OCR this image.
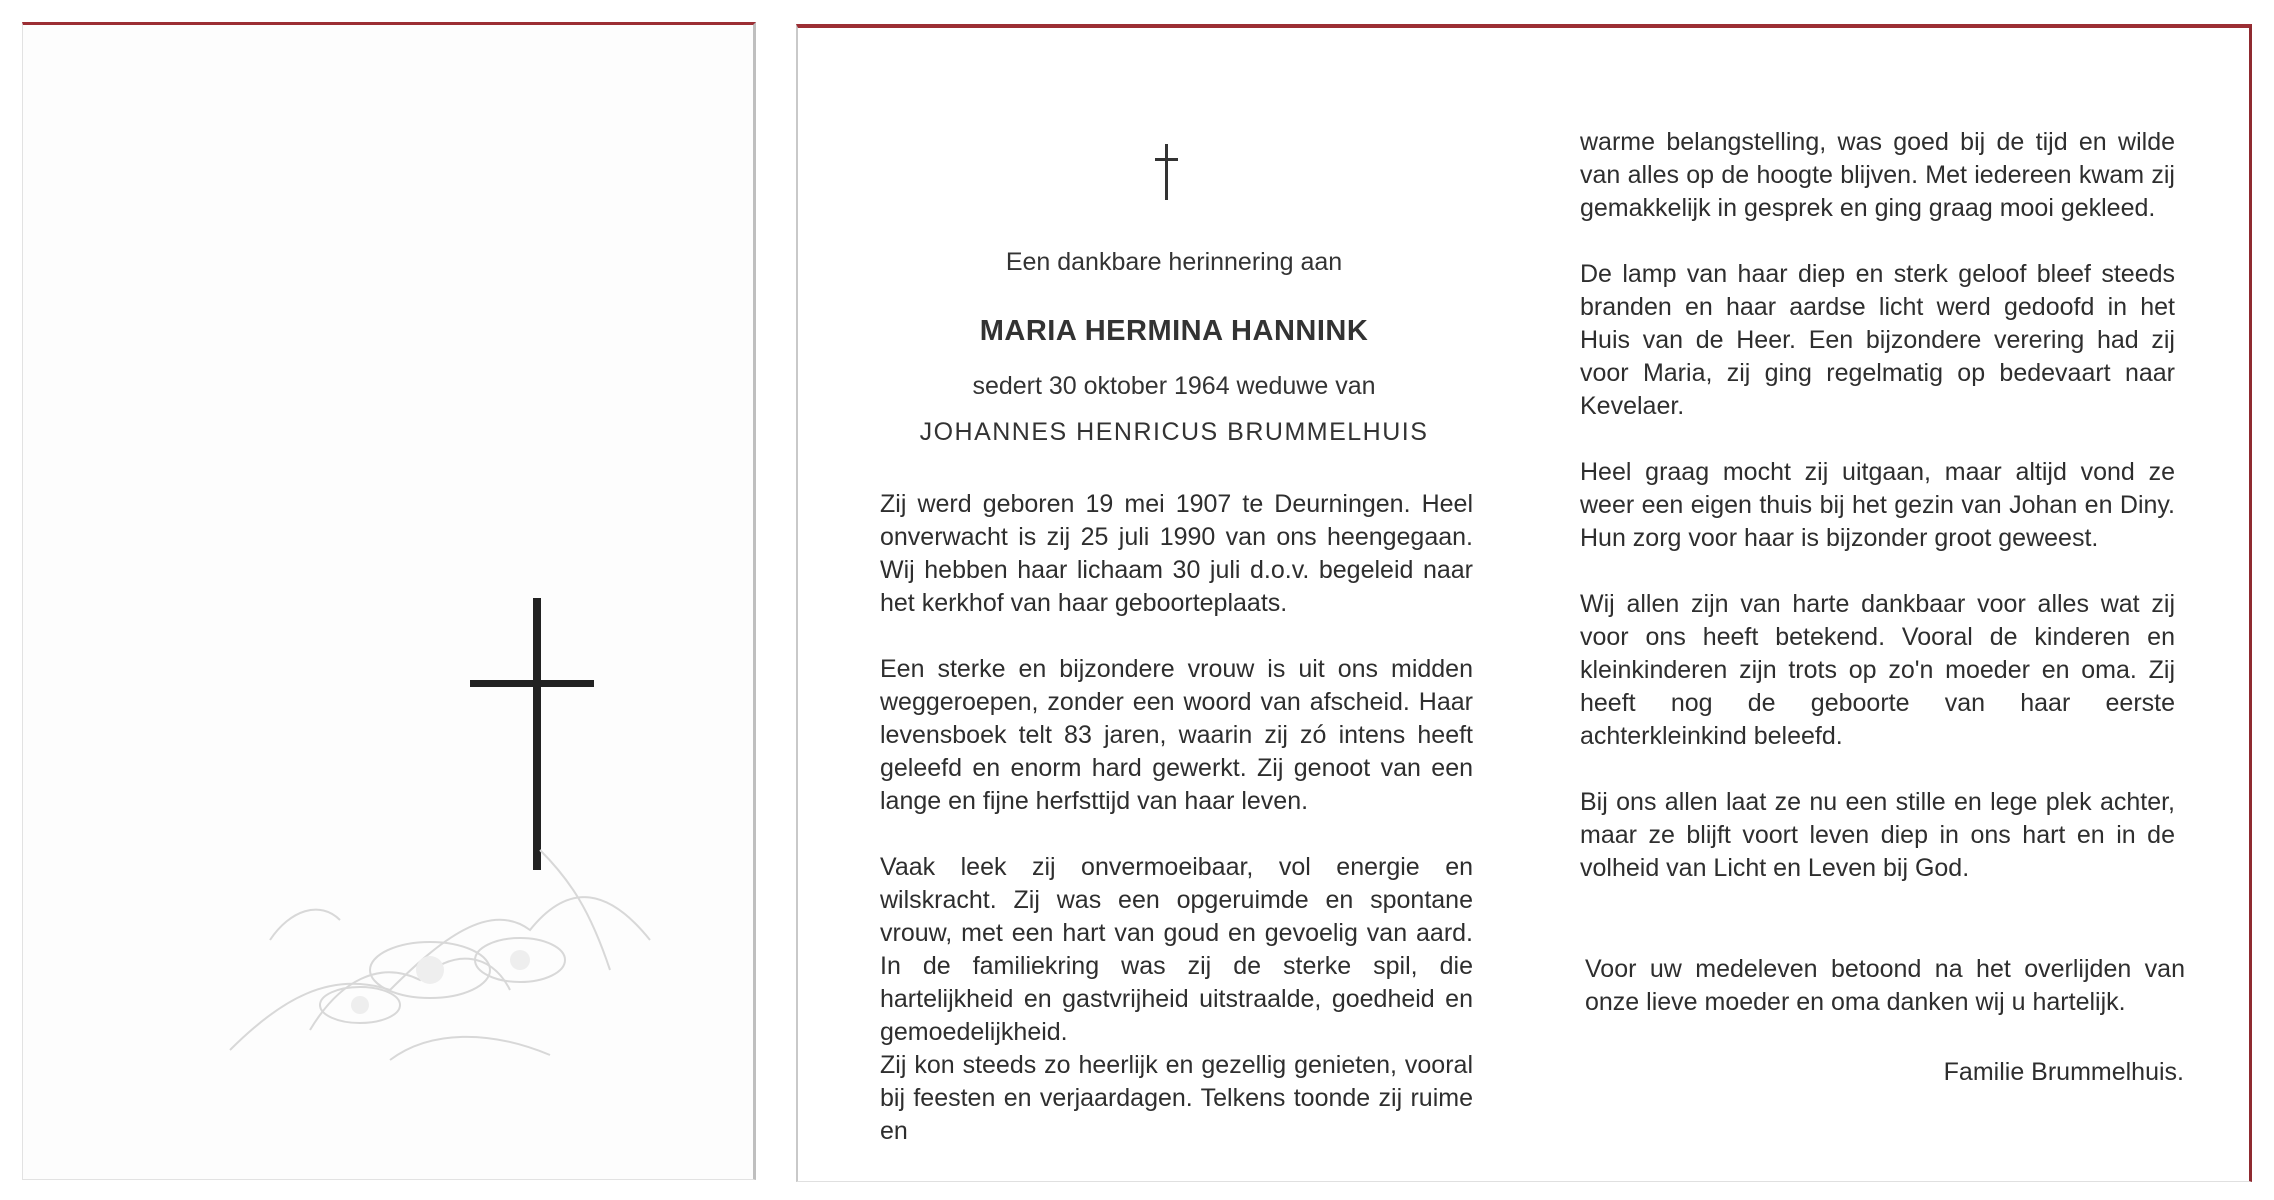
Een dankbare herinnering aan
MARIA HERMINA HANNINK
sedert 30 oktober 1964 weduwe van
JOHANNES HENRICUS BRUMMELHUIS

Zij werd geboren 19 mei 1907 te Deurningen. Heel onverwacht is zij 25 juli 1990 van ons heengegaan. Wij hebben haar lichaam 30 juli d.o.v. begeleid naar het kerkhof van haar geboorteplaats.

Een sterke en bijzondere vrouw is uit ons midden weggeroepen, zonder een woord van afscheid. Haar levensboek telt 83 jaren, waarin zij zó intens heeft geleefd en enorm hard gewerkt. Zij genoot van een lange en fijne herfsttijd van haar leven.

Vaak leek zij onvermoeibaar, vol energie en wilskracht. Zij was een opgeruimde en spontane vrouw, met een hart van goud en gevoelig van aard. In de familiekring was zij de sterke spil, die hartelijkheid en gastvrijheid uitstraalde, goedheid en gemoedelijkheid.

Zij kon steeds zo heerlijk en gezellig genieten, vooral bij feesten en verjaardagen. Telkens toonde zij ruime en

warme belangstelling, was goed bij de tijd en wilde van alles op de hoogte blijven. Met iedereen kwam zij gemakkelijk in gesprek en ging graag mooi gekleed.

De lamp van haar diep en sterk geloof bleef steeds branden en haar aardse licht werd gedoofd in het Huis van de Heer. Een bijzondere verering had zij voor Maria, zij ging regelmatig op bedevaart naar Kevelaer.

Heel graag mocht zij uitgaan, maar altijd vond ze weer een eigen thuis bij het gezin van Johan en Diny. Hun zorg voor haar is bijzonder groot geweest.

Wij allen zijn van harte dankbaar voor alles wat zij voor ons heeft betekend. Vooral de kinderen en kleinkinderen zijn trots op zo'n moeder en oma. Zij heeft nog de geboorte van haar eerste achterkleinkind beleefd.

Bij ons allen laat ze nu een stille en lege plek achter, maar ze blijft voort leven diep in ons hart en in de volheid van Licht en Leven bij God.

Voor uw medeleven betoond na het overlijden van onze lieve moeder en oma danken wij u hartelijk.
Familie Brummelhuis.
